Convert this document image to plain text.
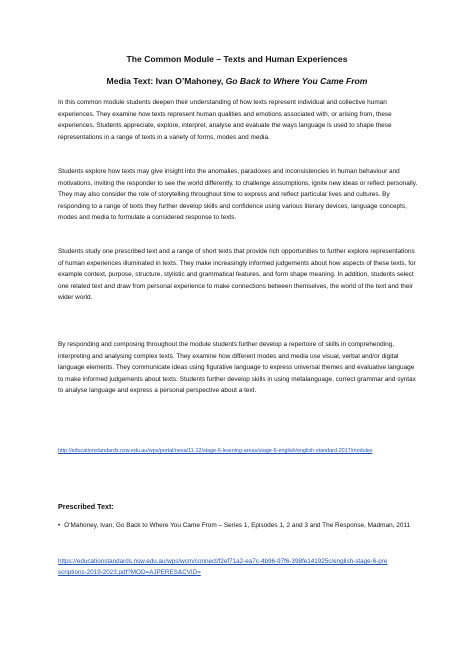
The Common Module – Texts and Human Experiences
Media Text: Ivan O’Mahoney, Go Back to Where You Came From

In this common module students deepen their understanding of how texts represent individual and collective human experiences. They examine how texts represent human qualities and emotions associated with, or arising from, these experiences. Students appreciate, explore, interpret, analyse and evaluate the ways language is used to shape these representations in a range of texts in a variety of forms, modes and media.

Students explore how texts may give insight into the anomalies, paradoxes and inconsistencies in human behaviour and motivations, inviting the responder to see the world differently, to challenge assumptions, ignite new ideas or reflect personally. They may also consider the role of storytelling throughout time to express and reflect particular lives and cultures. By responding to a range of texts they further develop skills and confidence using various literary devices, language concepts, modes and media to formulate a considered response to texts.

Students study one prescribed text and a range of short texts that provide rich opportunities to further explore representations of human experiences illuminated in texts. They make increasingly informed judgements about how aspects of these texts, for example context, purpose, structure, stylistic and grammatical features, and form shape meaning. In addition, students select one related text and draw from personal experience to make connections between themselves, the world of the text and their wider world.

By responding and composing throughout the module students further develop a repertoire of skills in comprehending, interpreting and analysing complex texts. They examine how different modes and media use visual, verbal and/or digital language elements. They communicate ideas using figurative language to express universal themes and evaluative language to make informed judgements about texts. Students further develop skills in using metalanguage, correct grammar and syntax to analyse language and express a personal perspective about a text.

http://educationstandards.nsw.edu.au/wps/portal/nesa/11-12/stage-6-learning-areas/stage-6-english/english-standard-2017/modules
Prescribed Text:
• O’Mahoney, Ivan, Go Back to Where You Came From – Series 1, Episodes 1, 2 and 3 and The Response, Madman, 2011
https://educationstandards.nsw.edu.au/wps/wcm/connect/f2ef71a2-ea7c-4b96-97f6-398fe141925c/english-stage-6-prescriptions-2019-2023.pdf?MOD=AJPERES&CVID=
